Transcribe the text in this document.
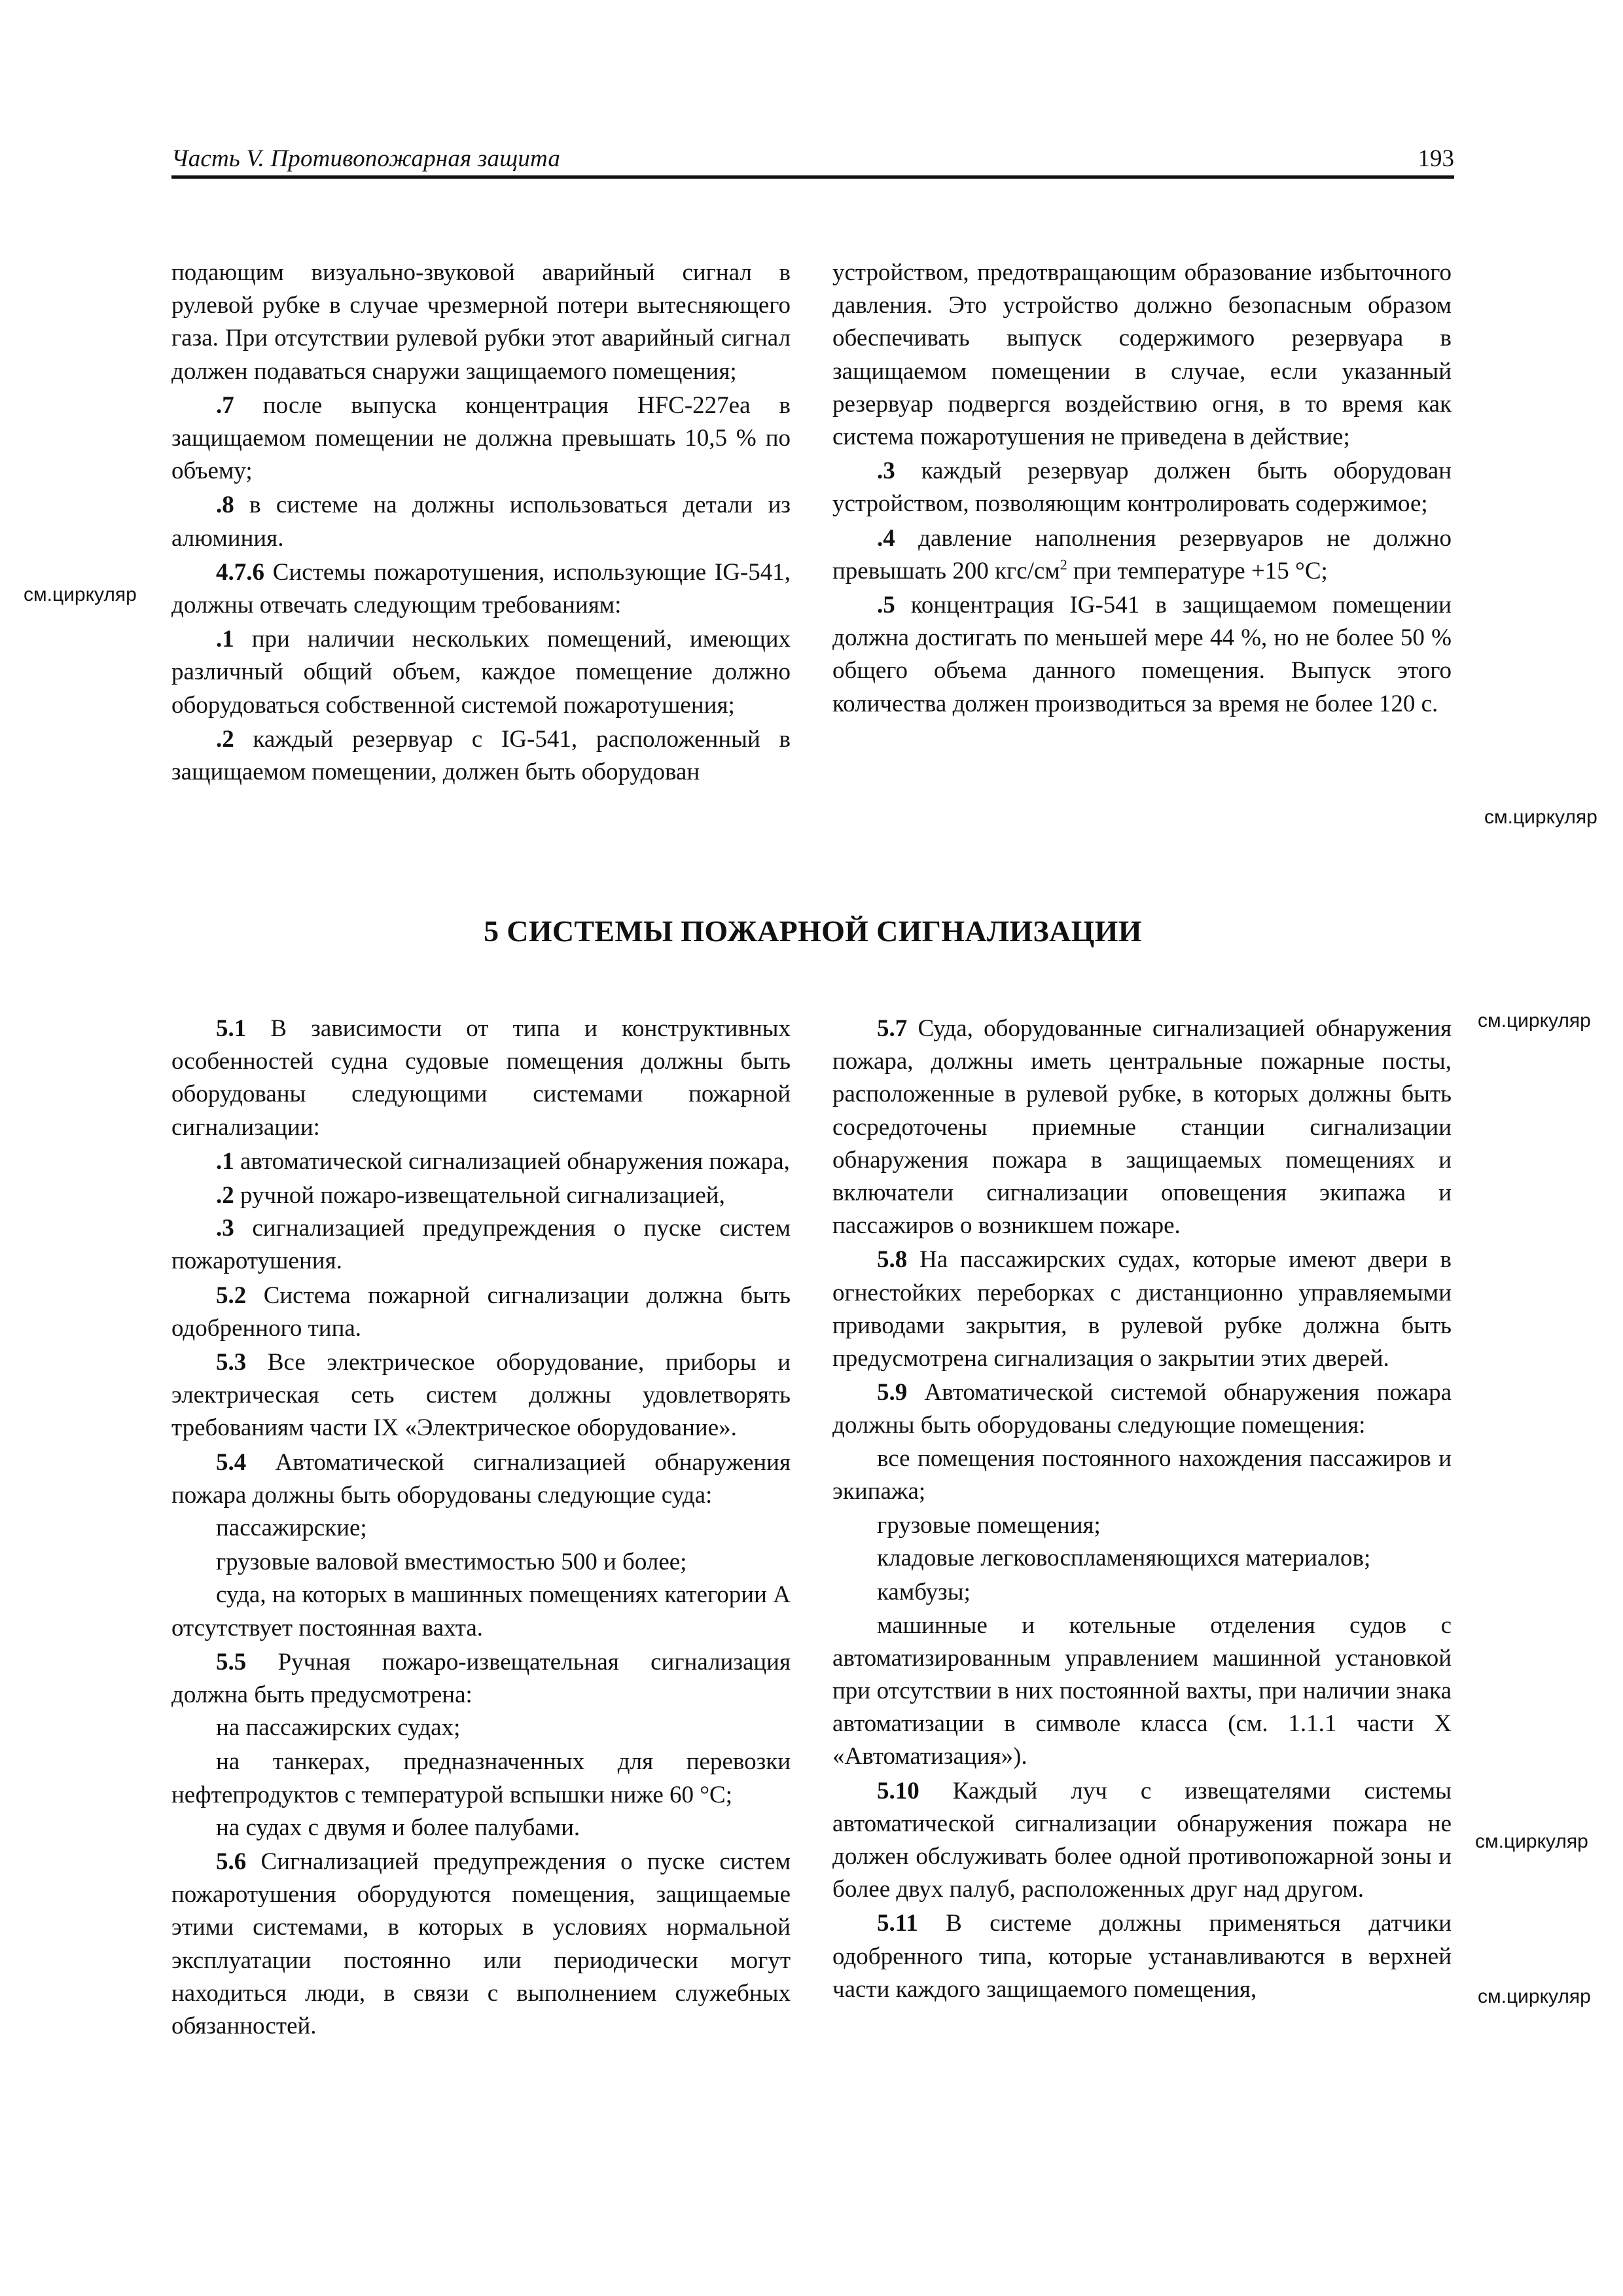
Часть V. Противопожарная защита	193

подающим визуально-звуковой аварийный сигнал в рулевой рубке в случае чрезмерной потери вытесняющего газа. При отсутствии рулевой рубки этот аварийный сигнал должен подаваться снаружи защищаемого помещения;

.7 после выпуска концентрация HFC-227ea в защищаемом помещении не должна превышать 10,5 % по объему;

.8 в системе на должны использоваться детали из алюминия.

4.7.6 Системы пожаротушения, использующие IG-541, должны отвечать следующим требованиям:

.1 при наличии нескольких помещений, имеющих различный общий объем, каждое помещение должно оборудоваться собственной системой пожаротушения;

.2 каждый резервуар с IG-541, расположенный в защищаемом помещении, должен быть оборудован

устройством, предотвращающим образование избыточного давления. Это устройство должно безопасным образом обеспечивать выпуск содержимого резервуара в защищаемом помещении в случае, если указанный резервуар подвергся воздействию огня, в то время как система пожаротушения не приведена в действие;

.3 каждый резервуар должен быть оборудован устройством, позволяющим контролировать содержимое;

.4 давление наполнения резервуаров не должно превышать 200 кгс/$см^2$ при температуре +15 °С;

.5 концентрация IG-541 в защищаемом помещении должна достигать по меньшей мере 44 %, но не более 50 % общего объема данного помещения. Выпуск этого количества должен производиться за время не более 120 с.

5 СИСТЕМЫ ПОЖАРНОЙ СИГНАЛИЗАЦИИ

5.1 В зависимости от типа и конструктивных особенностей судна судовые помещения должны быть оборудованы следующими системами пожарной сигнализации:

.1 автоматической сигнализацией обнаружения пожара,

.2 ручной пожаро-извещательной сигнализацией,

.3 сигнализацией предупреждения о пуске систем пожаротушения.

5.2 Система пожарной сигнализации должна быть одобренного типа.

5.3 Все электрическое оборудование, приборы и электрическая сеть систем должны удовлетворять требованиям части IX «Электрическое оборудование».

5.4 Автоматической сигнализацией обнаружения пожара должны быть оборудованы следующие суда:

пассажирские;

грузовые валовой вместимостью 500 и более;

суда, на которых в машинных помещениях категории А отсутствует постоянная вахта.

5.5 Ручная пожаро-извещательная сигнализация должна быть предусмотрена:

на пассажирских судах;

на танкерах, предназначенных для перевозки нефтепродуктов с температурой вспышки ниже 60 °С;

на судах с двумя и более палубами.

5.6 Сигнализацией предупреждения о пуске систем пожаротушения оборудуются помещения, защищаемые этими системами, в которых в условиях нормальной эксплуатации постоянно или периодически могут находиться люди, в связи с выполнением служебных обязанностей.

5.7 Суда, оборудованные сигнализацией обнаружения пожара, должны иметь центральные пожарные посты, расположенные в рулевой рубке, в которых должны быть сосредоточены приемные станции сигнализации обнаружения пожара в защищаемых помещениях и включатели сигнализации оповещения экипажа и пассажиров о возникшем пожаре.

5.8 На пассажирских судах, которые имеют двери в огнестойких переборках с дистанционно управляемыми приводами закрытия, в рулевой рубке должна быть предусмотрена сигнализация о закрытии этих дверей.

5.9 Автоматической системой обнаружения пожара должны быть оборудованы следующие помещения:

все помещения постоянного нахождения пассажиров и экипажа;

грузовые помещения;

кладовые легковоспламеняющихся материалов;

камбузы;

машинные и котельные отделения судов с автоматизированным управлением машинной установкой при отсутствии в них постоянной вахты, при наличии знака автоматизации в символе класса (см. 1.1.1 части Х «Автоматизация»).

5.10 Каждый луч с извещателями системы автоматической сигнализации обнаружения пожара не должен обслуживать более одной противопожарной зоны и более двух палуб, расположенных друг над другом.

5.11 В системе должны применяться датчики одобренного типа, которые устанавливаются в верхней части каждого защищаемого помещения,

см.циркуляр
см.циркуляр
см.циркуляр
см.циркуляр
см.циркуляр
